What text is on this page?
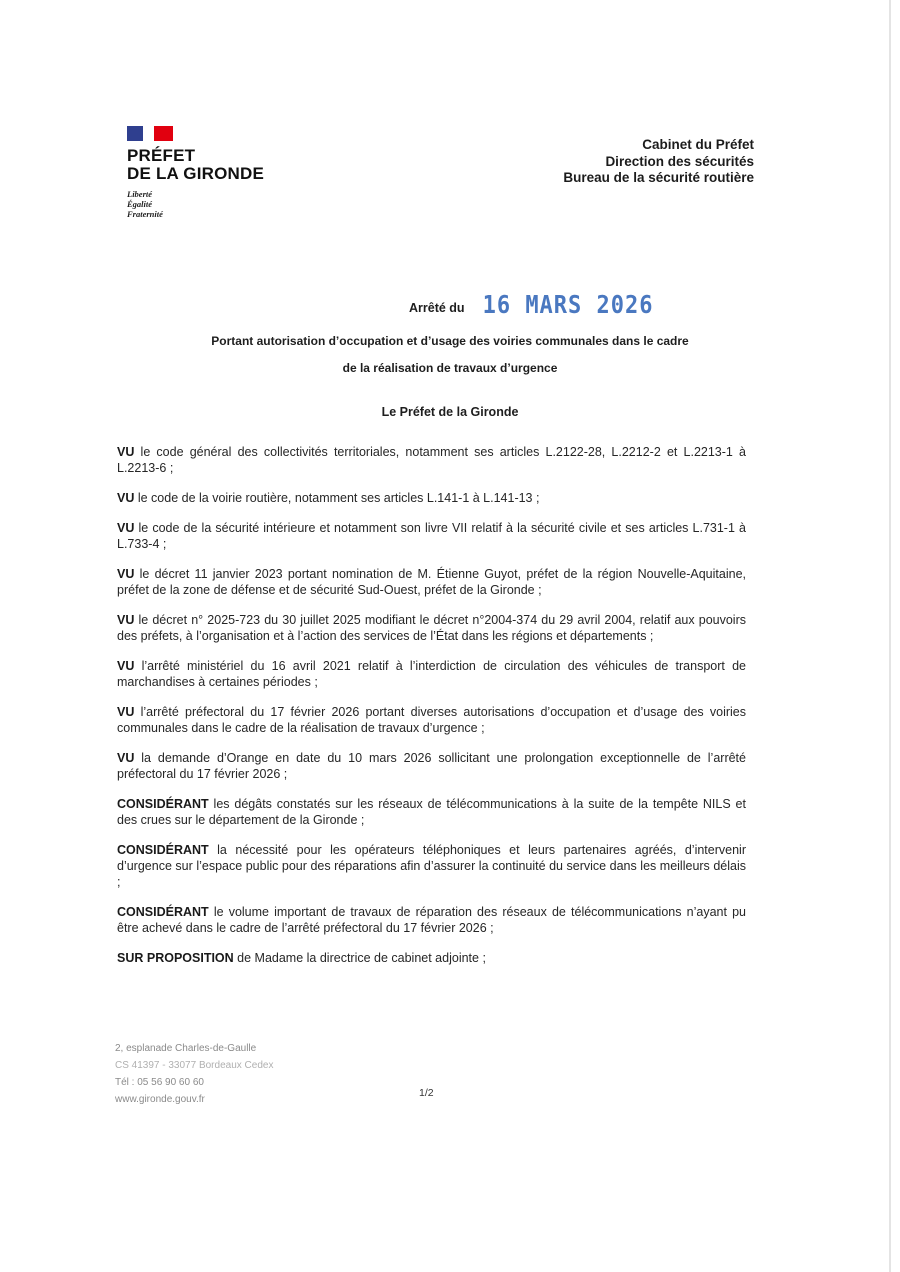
PRÉFET
DE LA GIRONDE
Liberté
Égalité
Fraternité
Cabinet du Préfet
Direction des sécurités
Bureau de la sécurité routière
Arrêté du 16 MARS 2026
Portant autorisation d’occupation et d’usage des voiries communales dans le cadre
de la réalisation de travaux d’urgence
Le Préfet de la Gironde

VU le code général des collectivités territoriales, notamment ses articles L.2122-28, L.2212-2 et L.2213-1 à L.2213-6 ;

VU le code de la voirie routière, notamment ses articles L.141-1 à L.141-13 ;

VU le code de la sécurité intérieure et notamment son livre VII relatif à la sécurité civile et ses articles L.731-1 à L.733-4 ;

VU le décret 11 janvier 2023 portant nomination de M. Étienne Guyot, préfet de la région Nouvelle-Aquitaine, préfet de la zone de défense et de sécurité Sud-Ouest, préfet de la Gironde ;

VU le décret n° 2025-723 du 30 juillet 2025 modifiant le décret n°2004-374 du 29 avril 2004, relatif aux pouvoirs des préfets, à l’organisation et à l’action des services de l’État dans les régions et départements ;

VU l’arrêté ministériel du 16 avril 2021 relatif à l’interdiction de circulation des véhicules de transport de marchandises à certaines périodes ;

VU l’arrêté préfectoral du 17 février 2026 portant diverses autorisations d’occupation et d’usage des voiries communales dans le cadre de la réalisation de travaux d’urgence ;

VU la demande d’Orange en date du 10 mars 2026 sollicitant une prolongation exceptionnelle de l’arrêté préfectoral du 17 février 2026 ;

CONSIDÉRANT les dégâts constatés sur les réseaux de télécommunications à la suite de la tempête NILS et des crues sur le département de la Gironde ;

CONSIDÉRANT la nécessité pour les opérateurs téléphoniques et leurs partenaires agréés, d’intervenir d’urgence sur l’espace public pour des réparations afin d’assurer la continuité du service dans les meilleurs délais ;

CONSIDÉRANT le volume important de travaux de réparation des réseaux de télécommunications n’ayant pu être achevé dans le cadre de l’arrêté préfectoral du 17 février 2026 ;

SUR PROPOSITION de Madame la directrice de cabinet adjointe ;

2, esplanade Charles-de-Gaulle
CS 41397 - 33077 Bordeaux Cedex
Tél : 05 56 90 60 60
www.gironde.gouv.fr
1/2
